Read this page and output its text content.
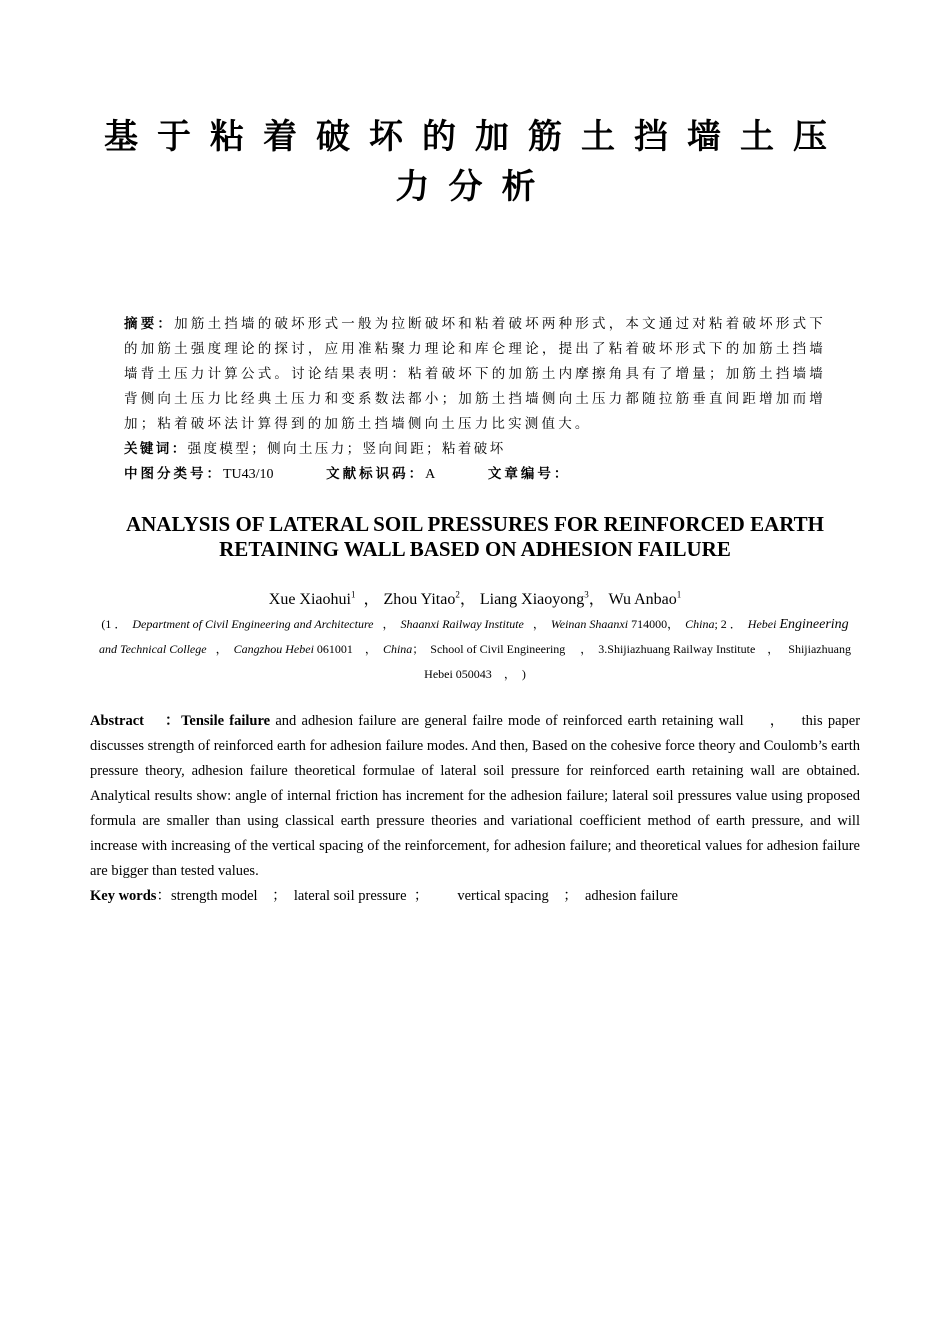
基于粘着破坏的加筋土挡墙土压力分析

摘要：加筋土挡墙的破坏形式一般为拉断破坏和粘着破坏两种形式，本文通过对粘着破坏形式下的加筋土强度理论的探讨，应用准粘聚力理论和库仑理论，提出了粘着破坏形式下的加筋土挡墙墙背土压力计算公式。讨论结果表明：粘着破坏下的加筋土内摩擦角具有了增量；加筋土挡墙墙背侧向土压力比经典土压力和变系数法都小；加筋土挡墙侧向土压力都随拉筋垂直间距增加而增加；粘着破坏法计算得到的加筋土挡墙侧向土压力比实测值大。

关键词：强度模型；侧向土压力；竖向间距；粘着破坏

中图分类号：TU43/10	文献标识码：A	文章编号：
ANALYSIS OF LATERAL SOIL PRESSURES FOR REINFORCED EARTH RETAINING WALL BASED ON ADHESION FAILURE
Xue Xiaohui$^1$  ， Zhou Yitao$^2$， Liang Xiaoyong$^3$， Wu Anbao$^1$
(1 ． Department of Civil Engineering and Architecture   ，  Shaanxi Railway Institute   ，  Weinan Shaanxi 714000，  China; 2 ． Hebei Engineering
and Technical College   ，  Cangzhou Hebei 061001    ，  China；  School of Civil Engineering     ，  3.Shijiazhuang Railway Institute    ，   Shijiazhuang
Hebei 050043    ，  )

Abstract ：Tensile failure and adhesion failure are general failre mode of reinforced earth retaining wall     ，   this paper discusses strength of reinforced earth for adhesion failure modes. And then, Based on the cohesive force theory and Coulomb’s earth pressure theory, adhesion failure theoretical formulae of lateral soil pressure for reinforced earth retaining wall are obtained. Analytical results show: angle of internal friction has increment for the adhesion failure; lateral soil pressures value using proposed formula are smaller than using classical earth pressure theories and variational coefficient method of earth pressure, and will increase with increasing of the vertical spacing of the reinforcement, for adhesion failure; and theoretical values for adhesion failure are bigger than tested values.

Key words：strength model    ；  lateral soil pressure  ；        vertical spacing    ；  adhesion failure
